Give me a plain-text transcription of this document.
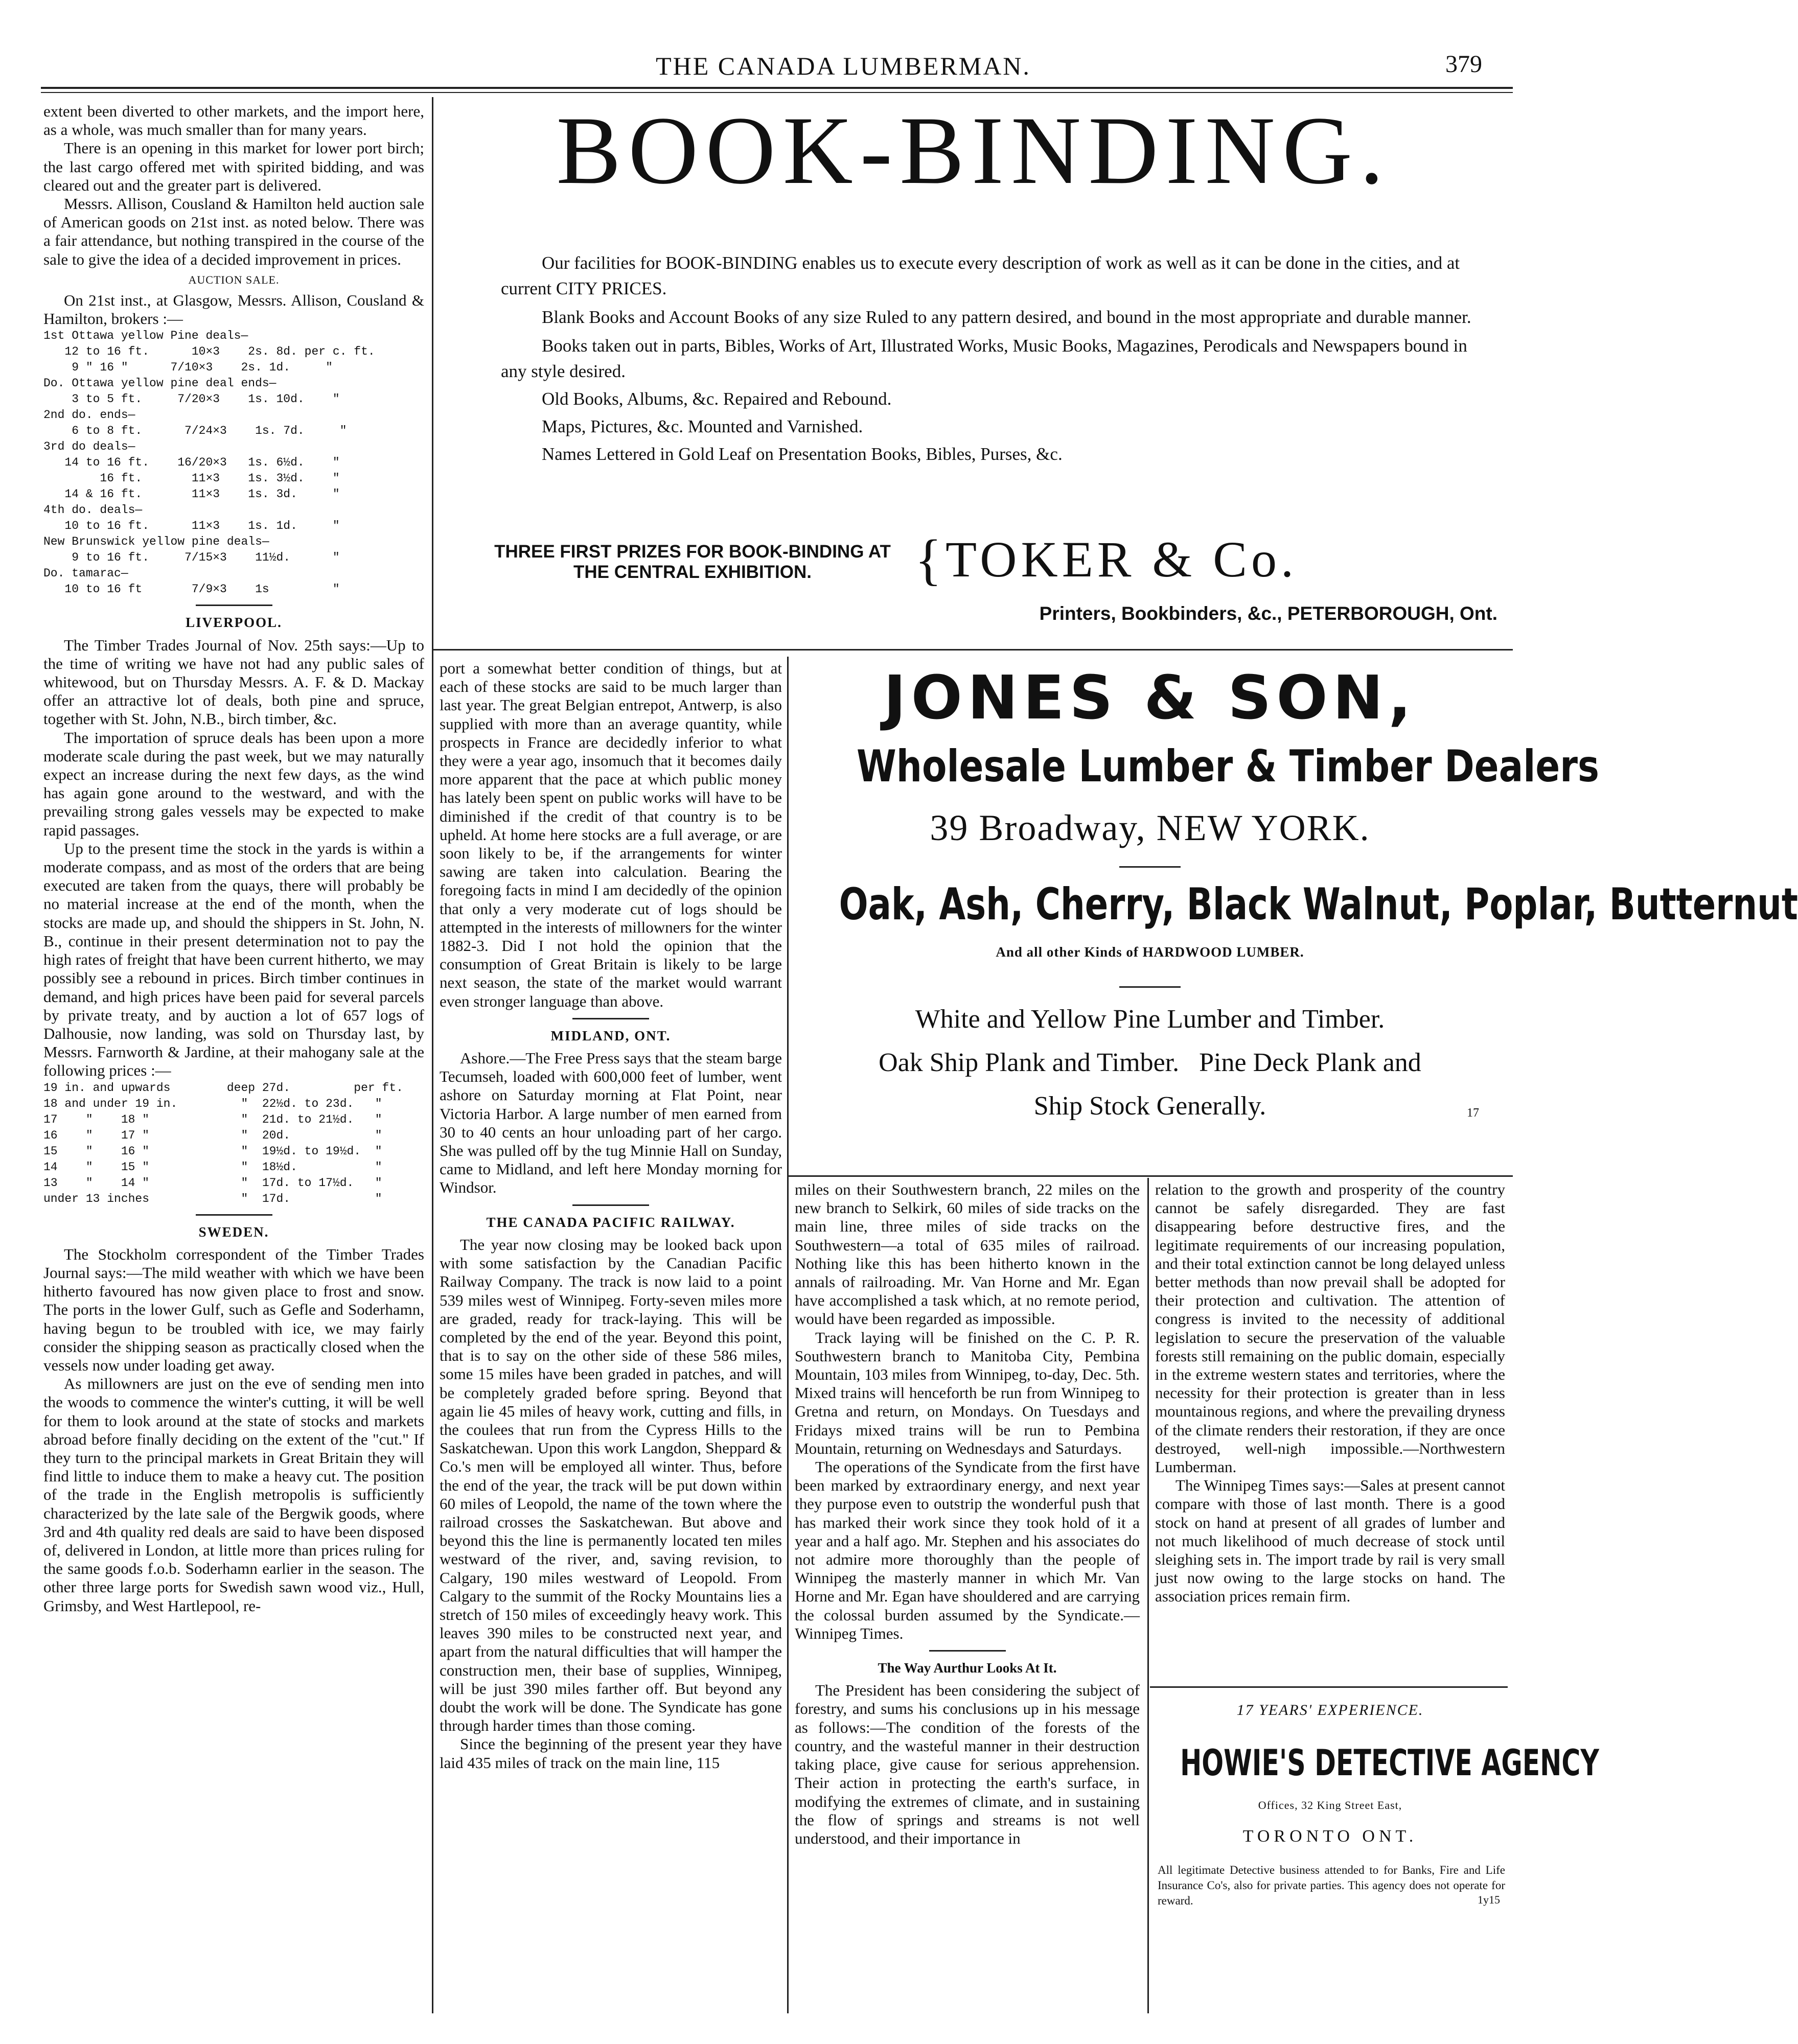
THE CANADA LUMBERMAN.	379

extent been diverted to other markets, and the import here, as a whole, was much smaller than for many years.

There is an opening in this market for lower port birch; the last cargo offered met with spirited bidding, and was cleared out and the greater part is delivered.

Messrs. Allison, Cousland & Hamilton held auction sale of American goods on 21st inst. as noted below. There was a fair attendance, but nothing transpired in the course of the sale to give the idea of a decided improvement in prices.

AUCTION SALE.

On 21st inst., at Glasgow, Messrs. Allison, Cousland & Hamilton, brokers :—

1st Ottawa yellow Pine deals—
12 to 16 ft.      10×3    2s. 8d. per c. ft.
9 " 16 "      7/10×3    2s. 1d.     "
Do. Ottawa yellow pine deal ends—
3 to 5 ft.     7/20×3    1s. 10d.    "
2nd do. ends—
6 to 8 ft.      7/24×3    1s. 7d.     "
3rd do deals—
14 to 16 ft.    16/20×3   1s. 6½d.    "
16 ft.       11×3    1s. 3½d.    "
14 & 16 ft.       11×3    1s. 3d.     "
4th do. deals—
10 to 16 ft.      11×3    1s. 1d.     "
New Brunswick yellow pine deals—
9 to 16 ft.     7/15×3    11½d.      "
Do. tamarac—
10 to 16 ft       7/9×3    1s         "
LIVERPOOL.

The Timber Trades Journal of Nov. 25th says:—Up to the time of writing we have not had any public sales of whitewood, but on Thursday Messrs. A. F. & D. Mackay offer an attractive lot of deals, both pine and spruce, together with St. John, N.B., birch timber, &c.

The importation of spruce deals has been upon a more moderate scale during the past week, but we may naturally expect an increase during the next few days, as the wind has again gone around to the westward, and with the prevailing strong gales vessels may be expected to make rapid passages.

Up to the present time the stock in the yards is within a moderate compass, and as most of the orders that are being executed are taken from the quays, there will probably be no material increase at the end of the month, when the stocks are made up, and should the shippers in St. John, N. B., continue in their present determination not to pay the high rates of freight that have been current hitherto, we may possibly see a rebound in prices. Birch timber continues in demand, and high prices have been paid for several parcels by private treaty, and by auction a lot of 657 logs of Dalhousie, now landing, was sold on Thursday last, by Messrs. Farnworth & Jardine, at their mahogany sale at the following prices :—

19 in. and upwards        deep 27d.         per ft.
18 and under 19 in.         "  22½d. to 23d.   "
17    "    18 "             "  21d. to 21½d.   "
16    "    17 "             "  20d.            "
15    "    16 "             "  19½d. to 19½d.  "
14    "    15 "             "  18½d.           "
13    "    14 "             "  17d. to 17½d.   "
under 13 inches             "  17d.            "
SWEDEN.

The Stockholm correspondent of the Timber Trades Journal says:—The mild weather with which we have been hitherto favoured has now given place to frost and snow. The ports in the lower Gulf, such as Gefle and Soderhamn, having begun to be troubled with ice, we may fairly consider the shipping season as practically closed when the vessels now under loading get away.

As millowners are just on the eve of sending men into the woods to commence the winter's cutting, it will be well for them to look around at the state of stocks and markets abroad before finally deciding on the extent of the "cut." If they turn to the principal markets in Great Britain they will find little to induce them to make a heavy cut. The position of the trade in the English metropolis is sufficiently characterized by the late sale of the Bergwik goods, where 3rd and 4th quality red deals are said to have been disposed of, delivered in London, at little more than prices ruling for the same goods f.o.b. Soderhamn earlier in the season. The other three large ports for Swedish sawn wood viz., Hull, Grimsby, and West Hartlepool, re-

BOOK-BINDING.
Our facilities for BOOK-BINDING enables us to execute every description of work as well as it can be done in the cities, and at current CITY PRICES.
Blank Books and Account Books of any size Ruled to any pattern desired, and bound in the most appropriate and durable manner.
Books taken out in parts, Bibles, Works of Art, Illustrated Works, Music Books, Magazines, Perodicals and Newspapers bound in any style desired.
Old Books, Albums, &c. Repaired and Rebound.
Maps, Pictures, &c. Mounted and Varnished.
Names Lettered in Gold Leaf on Presentation Books, Bibles, Purses, &c.
THREE FIRST PRIZES FOR BOOK-BINDING AT THE CENTRAL EXHIBITION.	{ TOKER & Co.
Printers, Bookbinders, &c., PETERBOROUGH, Ont.

port a somewhat better condition of things, but at each of these stocks are said to be much larger than last year. The great Belgian entrepot, Antwerp, is also supplied with more than an average quantity, while prospects in France are decidedly inferior to what they were a year ago, insomuch that it becomes daily more apparent that the pace at which public money has lately been spent on public works will have to be diminished if the credit of that country is to be upheld. At home here stocks are a full average, or are soon likely to be, if the arrangements for winter sawing are taken into calculation. Bearing the foregoing facts in mind I am decidedly of the opinion that only a very moderate cut of logs should be attempted in the interests of millowners for the winter 1882-3. Did I not hold the opinion that the consumption of Great Britain is likely to be large next season, the state of the market would warrant even stronger language than above.

MIDLAND, ONT.

Ashore.—The Free Press says that the steam barge Tecumseh, loaded with 600,000 feet of lumber, went ashore on Saturday morning at Flat Point, near Victoria Harbor. A large number of men earned from 30 to 40 cents an hour unloading part of her cargo. She was pulled off by the tug Minnie Hall on Sunday, came to Midland, and left here Monday morning for Windsor.

THE CANADA PACIFIC RAILWAY.

The year now closing may be looked back upon with some satisfaction by the Canadian Pacific Railway Company. The track is now laid to a point 539 miles west of Winnipeg. Forty-seven miles more are graded, ready for track-laying. This will be completed by the end of the year. Beyond this point, that is to say on the other side of these 586 miles, some 15 miles have been graded in patches, and will be completely graded before spring. Beyond that again lie 45 miles of heavy work, cutting and fills, in the coulees that run from the Cypress Hills to the Saskatchewan. Upon this work Langdon, Sheppard & Co.'s men will be employed all winter. Thus, before the end of the year, the track will be put down within 60 miles of Leopold, the name of the town where the railroad crosses the Saskatchewan. But above and beyond this the line is permanently located ten miles westward of the river, and, saving revision, to Calgary, 190 miles westward of Leopold. From Calgary to the summit of the Rocky Mountains lies a stretch of 150 miles of exceedingly heavy work. This leaves 390 miles to be constructed next year, and apart from the natural difficulties that will hamper the construction men, their base of supplies, Winnipeg, will be just 390 miles farther off. But beyond any doubt the work will be done. The Syndicate has gone through harder times than those coming.

Since the beginning of the present year they have laid 435 miles of track on the main line, 115

JONES & SON,
Wholesale Lumber & Timber Dealers
39 Broadway, NEW YORK.
Oak, Ash, Cherry, Black Walnut, Poplar, Butternut
And all other Kinds of HARDWOOD LUMBER.
White and Yellow Pine Lumber and Timber.
Oak Ship Plank and Timber.   Pine Deck Plank and
Ship Stock Generally.	17

miles on their Southwestern branch, 22 miles on the new branch to Selkirk, 60 miles of side tracks on the main line, three miles of side tracks on the Southwestern—a total of 635 miles of railroad. Nothing like this has been hitherto known in the annals of railroading. Mr. Van Horne and Mr. Egan have accomplished a task which, at no remote period, would have been regarded as impossible.

Track laying will be finished on the C. P. R. Southwestern branch to Manitoba City, Pembina Mountain, 103 miles from Winnipeg, to-day, Dec. 5th. Mixed trains will henceforth be run from Winnipeg to Gretna and return, on Mondays. On Tuesdays and Fridays mixed trains will be run to Pembina Mountain, returning on Wednesdays and Saturdays.

The operations of the Syndicate from the first have been marked by extraordinary energy, and next year they purpose even to outstrip the wonderful push that has marked their work since they took hold of it a year and a half ago. Mr. Stephen and his associates do not admire more thoroughly than the people of Winnipeg the masterly manner in which Mr. Van Horne and Mr. Egan have shouldered and are carrying the colossal burden assumed by the Syndicate.—Winnipeg Times.

The Way Aurthur Looks At It.

The President has been considering the subject of forestry, and sums his conclusions up in his message as follows:—The condition of the forests of the country, and the wasteful manner in their destruction taking place, give cause for serious apprehension. Their action in protecting the earth's surface, in modifying the extremes of climate, and in sustaining the flow of springs and streams is not well understood, and their importance in

relation to the growth and prosperity of the country cannot be safely disregarded. They are fast disappearing before destructive fires, and the legitimate requirements of our increasing population, and their total extinction cannot be long delayed unless better methods than now prevail shall be adopted for their protection and cultivation. The attention of congress is invited to the necessity of additional legislation to secure the preservation of the valuable forests still remaining on the public domain, especially in the extreme western states and territories, where the necessity for their protection is greater than in less mountainous regions, and where the prevailing dryness of the climate renders their restoration, if they are once destroyed, well-nigh impossible.—Northwestern Lumberman.

The Winnipeg Times says:—Sales at present cannot compare with those of last month. There is a good stock on hand at present of all grades of lumber and not much likelihood of much decrease of stock until sleighing sets in. The import trade by rail is very small just now owing to the large stocks on hand. The association prices remain firm.

17 YEARS' EXPERIENCE.
HOWIE'S DETECTIVE AGENCY
Offices, 32 King Street East,
TORONTO ONT.
All legitimate Detective business attended to for Banks, Fire and Life Insurance Co's, also for private parties. This agency does not operate for reward.	1y15
